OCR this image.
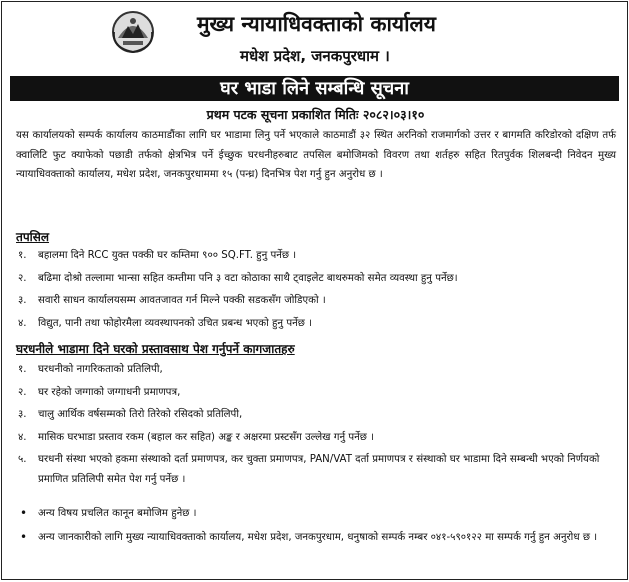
मुख्य न्यायाधिवक्ताको कार्यालय
मधेश प्रदेश, जनकपुरधाम ।
घर भाडा लिने सम्बन्धि सूचना
प्रथम पटक सूचना प्रकाशित मितिः २०८२।०३।१०
यस कार्यालयको सम्पर्क कार्यालय काठमाडौंका लागि घर भाडामा लिनु पर्ने भएकाले काठमाडौं ३२ स्थित अरनिको राजमार्गको उत्तर र बागमति करिडोरको दक्षिण तर्फ क्वालिटि फुट क्याफेको पछाडी तर्फको क्षेत्रभित्र पर्ने ईच्छुक घरधनीहरुबाट तपसिल बमोजिमको विवरण तथा शर्तहरु सहित रितपुर्वक शिलबन्दी निवेदन मुख्य न्यायाधिवक्ताको कार्यालय, मधेश प्रदेश, जनकपुरधाममा १५ (पन्ध्र) दिनभित्र पेश गर्नु हुन अनुरोध छ ।
तपसिल
१. बहालमा दिने RCC युक्त पक्की घर कम्तिमा ९०० SQ.FT. हुनु पर्नेछ ।
२. बढिमा दोश्रो तल्लामा भान्सा सहित कम्तीमा पनि ३ वटा कोठाका साथै ट्वाइलेट बाथरुमको समेत व्यवस्था हुनु पर्नेछ।
३. सवारी साधन कार्यालयसम्म आवतजावत गर्न मिल्ने पक्की सडकसँग जोडिएको ।
४. विद्युत, पानी तथा फोहोरमैला व्यवस्थापनको उचित प्रबन्ध भएको हुनु पर्नेछ ।
घरधनीले भाडामा दिने घरको प्रस्तावसाथ पेश गर्नुपर्ने कागजातहरु
१. घरधनीको नागरिकताको प्रतिलिपी,
२. घर रहेको जग्गाको जग्गाधनी प्रमाणपत्र,
३. चालु आर्थिक वर्षसम्मको तिरो तिरेको रसिदको प्रतिलिपी,
४. मासिक घरभाडा प्रस्ताव रकम (बहाल कर सहित) अङ्क र अक्षरमा प्रस्टसँग उल्लेख गर्नु पर्नेछ ।
५. घरधनी संस्था भएको हकमा संस्थाको दर्ता प्रमाणपत्र, कर चुक्ता प्रमाणपत्र, PAN/VAT दर्ता प्रमाणपत्र र संस्थाको घर भाडामा दिने सम्बन्धी भएको निर्णयको प्रमाणित प्रतिलिपी समेत पेश गर्नु पर्नेछ ।
• अन्य विषय प्रचलित कानून बमोजिम हुनेछ ।
• अन्य जानकारीको लागि मुख्य न्यायाधिवक्ताको कार्यालय, मधेश प्रदेश, जनकपुरधाम, धनुषाको सम्पर्क नम्बर ०४१-५९०१२२ मा सम्पर्क गर्नु हुन अनुरोध छ ।
